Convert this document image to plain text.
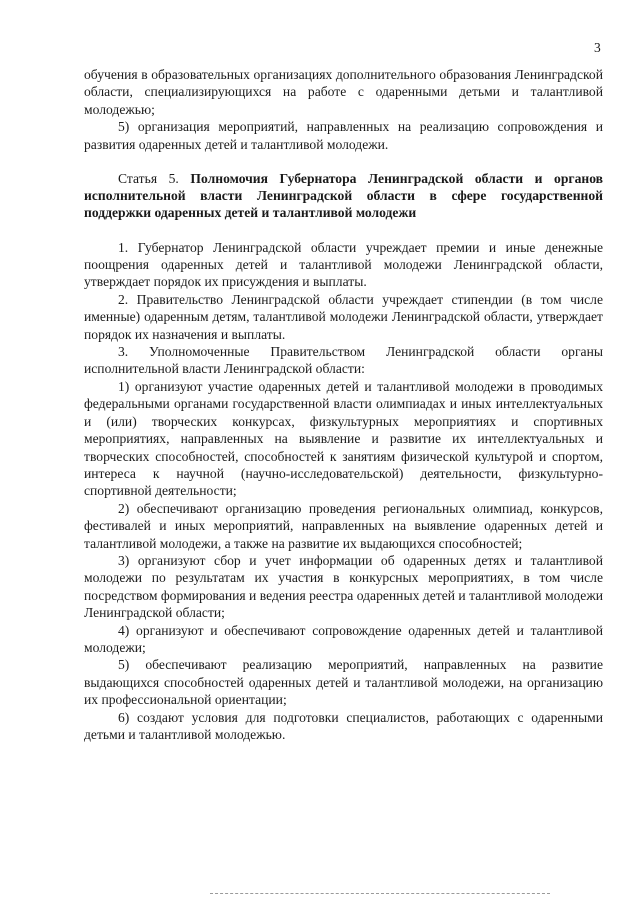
3

обучения в образовательных организациях дополнительного образования Ленинградской области, специализирующихся на работе с одаренными детьми и талантливой молодежью;

5) организация мероприятий, направленных на реализацию сопровождения и развития одаренных детей и талантливой молодежи.

Статья 5. Полномочия Губернатора Ленинградской области и органов исполнительной власти Ленинградской области в сфере государственной поддержки одаренных детей и талантливой молодежи

1. Губернатор Ленинградской области учреждает премии и иные денежные поощрения одаренных детей и талантливой молодежи Ленинградской области, утверждает порядок их присуждения и выплаты.

2. Правительство Ленинградской области учреждает стипендии (в том числе именные) одаренным детям, талантливой молодежи Ленинградской области, утверждает порядок их назначения и выплаты.

3. Уполномоченные Правительством Ленинградской области органы исполнительной власти Ленинградской области:

1) организуют участие одаренных детей и талантливой молодежи в проводимых федеральными органами государственной власти олимпиадах и иных интеллектуальных и (или) творческих конкурсах, физкультурных мероприятиях и спортивных мероприятиях, направленных на выявление и развитие их интеллектуальных и творческих способностей, способностей к занятиям физической культурой и спортом, интереса к научной (научно-исследовательской) деятельности, физкультурно-спортивной деятельности;

2) обеспечивают организацию проведения региональных олимпиад, конкурсов, фестивалей и иных мероприятий, направленных на выявление одаренных детей и талантливой молодежи, а также на развитие их выдающихся способностей;

3) организуют сбор и учет информации об одаренных детях и талантливой молодежи по результатам их участия в конкурсных мероприятиях, в том числе посредством формирования и ведения реестра одаренных детей и талантливой молодежи Ленинградской области;

4) организуют и обеспечивают сопровождение одаренных детей и талантливой молодежи;

5) обеспечивают реализацию мероприятий, направленных на развитие выдающихся способностей одаренных детей и талантливой молодежи, на организацию их профессиональной ориентации;

6) создают условия для подготовки специалистов, работающих с одаренными детьми и талантливой молодежью.
